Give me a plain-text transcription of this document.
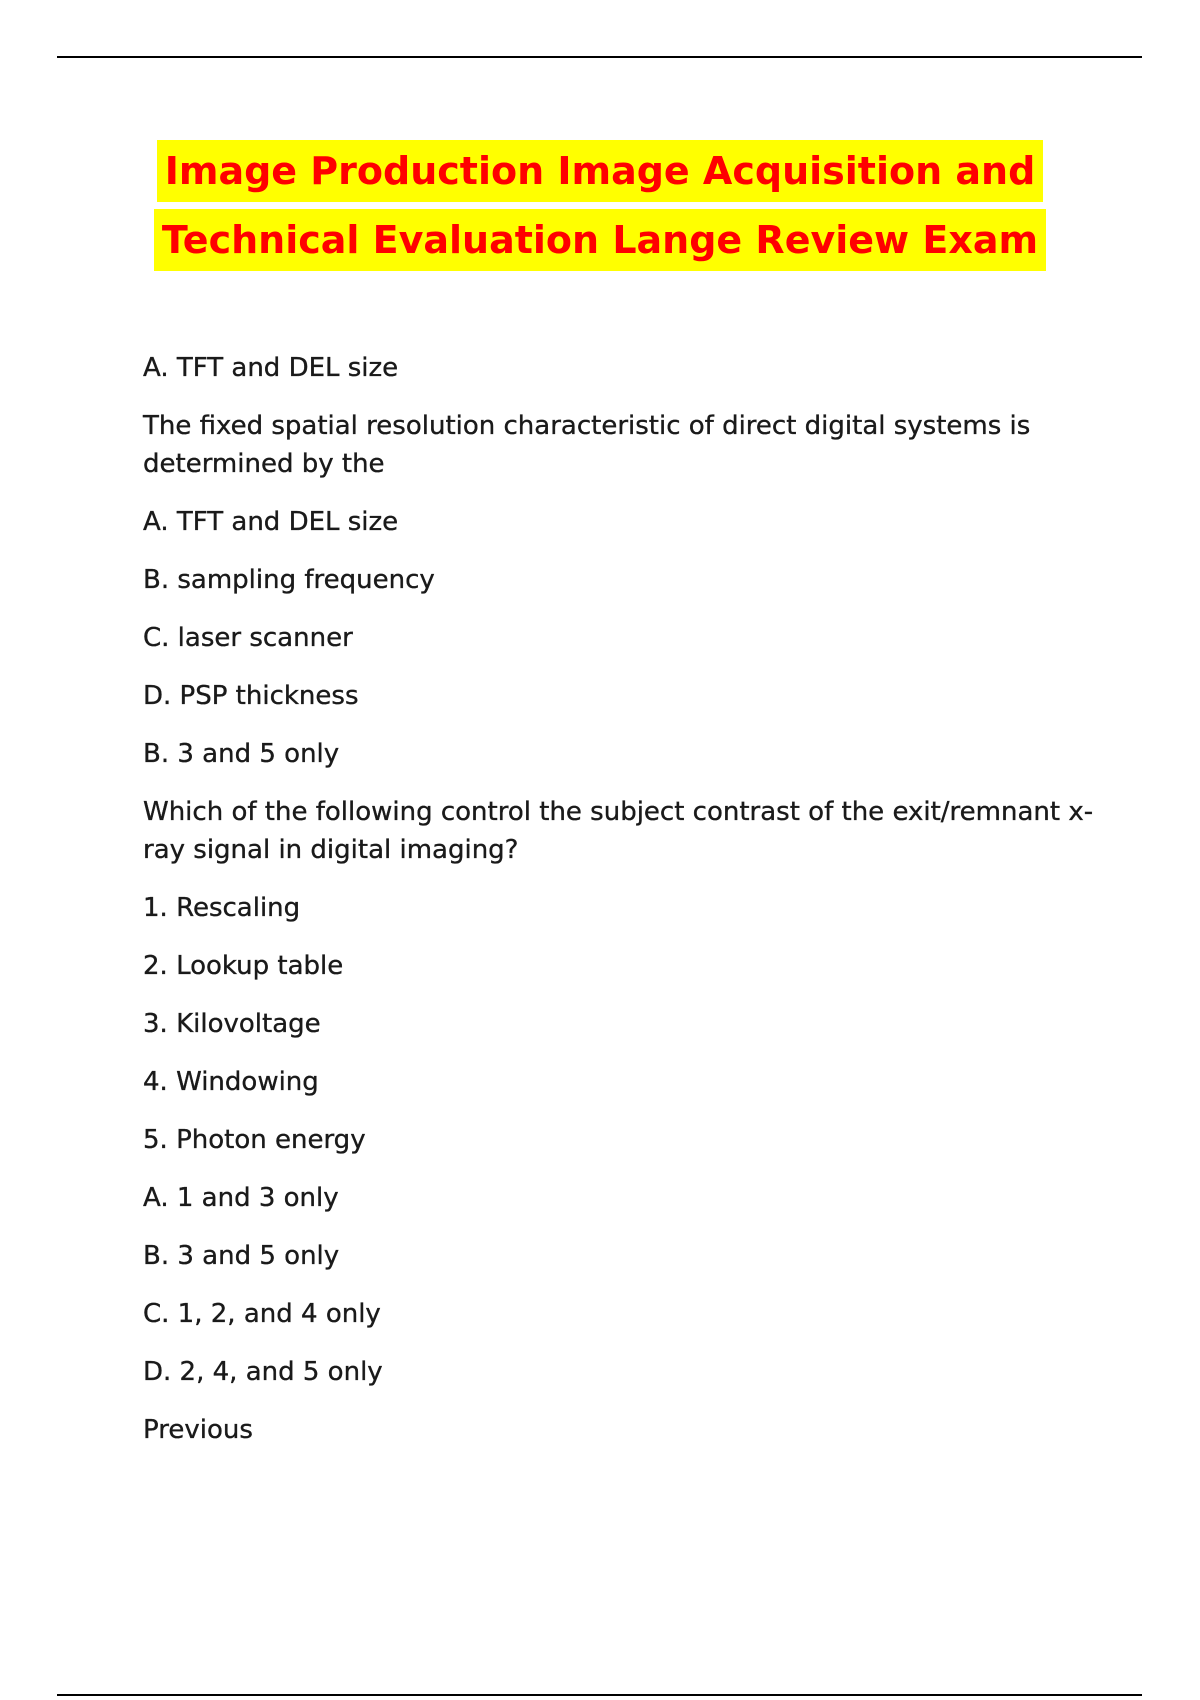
Image Production Image Acquisition and
Technical Evaluation Lange Review Exam

A. TFT and DEL size

The fixed spatial resolution characteristic of direct digital systems is determined by the

A. TFT and DEL size

B. sampling frequency

C. laser scanner

D. PSP thickness

B. 3 and 5 only

Which of the following control the subject contrast of the exit/remnant x-ray signal in digital imaging?

1. Rescaling

2. Lookup table

3. Kilovoltage

4. Windowing

5. Photon energy

A. 1 and 3 only

B. 3 and 5 only

C. 1, 2, and 4 only

D. 2, 4, and 5 only

Previous
